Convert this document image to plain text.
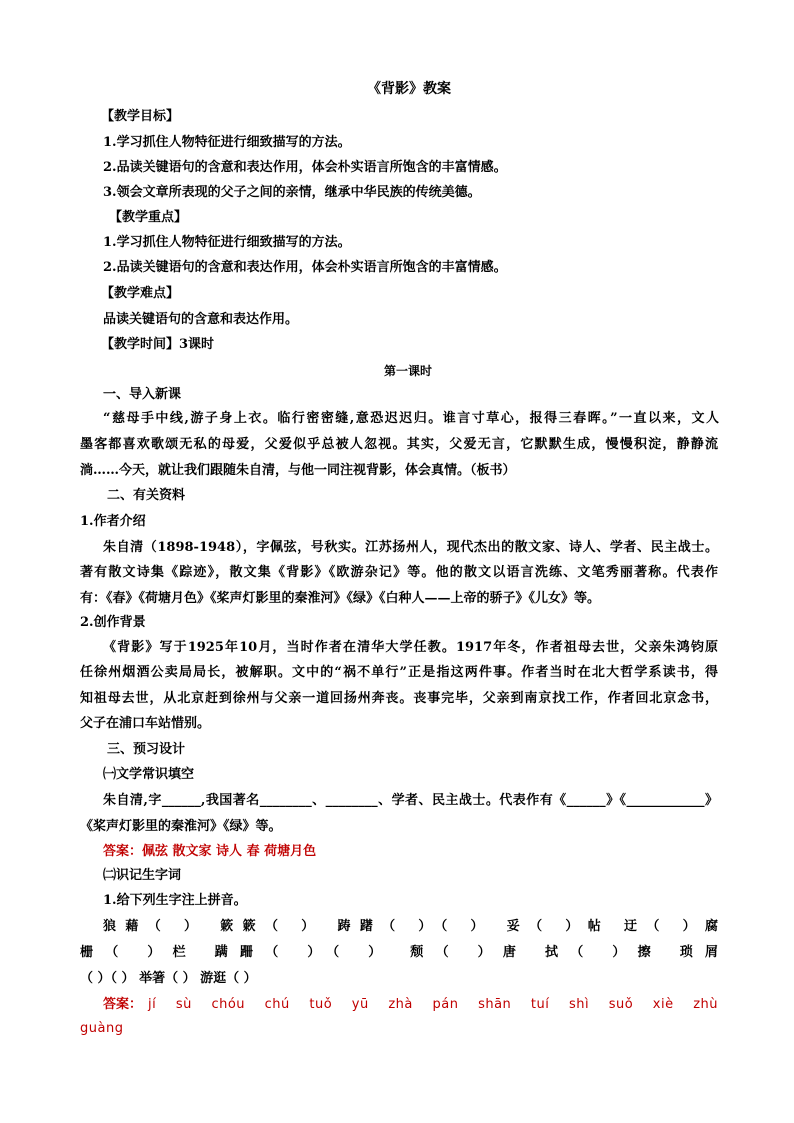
《背影》教案
【教学目标】
1.学习抓住人物特征进行细致描写的方法。
2.品读关键语句的含意和表达作用，体会朴实语言所饱含的丰富情感。
3.领会文章所表现的父子之间的亲情，继承中华民族的传统美德。
【教学重点】
1.学习抓住人物特征进行细致描写的方法。
2.品读关键语句的含意和表达作用，体会朴实语言所饱含的丰富情感。
【教学难点】
品读关键语句的含意和表达作用。
【教学时间】3课时
第一课时
一、导入新课
“慈母手中线,游子身上衣。临行密密缝,意恐迟迟归。谁言寸草心，报得三春晖。”一直以来，文人
墨客都喜欢歌颂无私的母爱，父爱似乎总被人忽视。其实，父爱无言，它默默生成，慢慢积淀，静静流
淌……今天，就让我们跟随朱自清，与他一同注视背影，体会真情。（板书）
二、有关资料
1.作者介绍
朱自清（1898-1948），字佩弦，号秋实。江苏扬州人，现代杰出的散文家、诗人、学者、民主战士。
著有散文诗集《踪迹》，散文集《背影》《欧游杂记》等。他的散文以语言洗练、文笔秀丽著称。代表作
有：《春》《荷塘月色》《桨声灯影里的秦淮河》《绿》《白种人——上帝的骄子》《儿女》等。
2.创作背景
《背影》写于1925年10月，当时作者在清华大学任教。1917年冬，作者祖母去世，父亲朱鸿钧原
任徐州烟酒公卖局局长，被解职。文中的“祸不单行”正是指这两件事。作者当时在北大哲学系读书，得
知祖母去世，从北京赶到徐州与父亲一道回扬州奔丧。丧事完毕，父亲到南京找工作，作者回北京念书，
父子在浦口车站惜别。
三、预习设计
㈠文学常识填空
朱自清,字______,我国著名________、________、学者、民主战士。代表作有《______》《____________》
《桨声灯影里的秦淮河》《绿》等。
答案：佩弦 散文家 诗人 春 荷塘月色
㈡识记生字词
1.给下列生字注上拼音。
狼藉（ ） 簌簌（ ） 踌躇（ ）（ ） 妥（ ）帖 迂（ ）腐
栅（ ）栏 蹒跚（ ）（ ） 颓（ ）唐 拭（ ）擦 琐屑
（ ）（ ） 举箸（ ） 游逛（ ）
答案： jí sù chóu chú tuǒ yū zhà pán shān tuí shì suǒ xiè zhù
guàng
